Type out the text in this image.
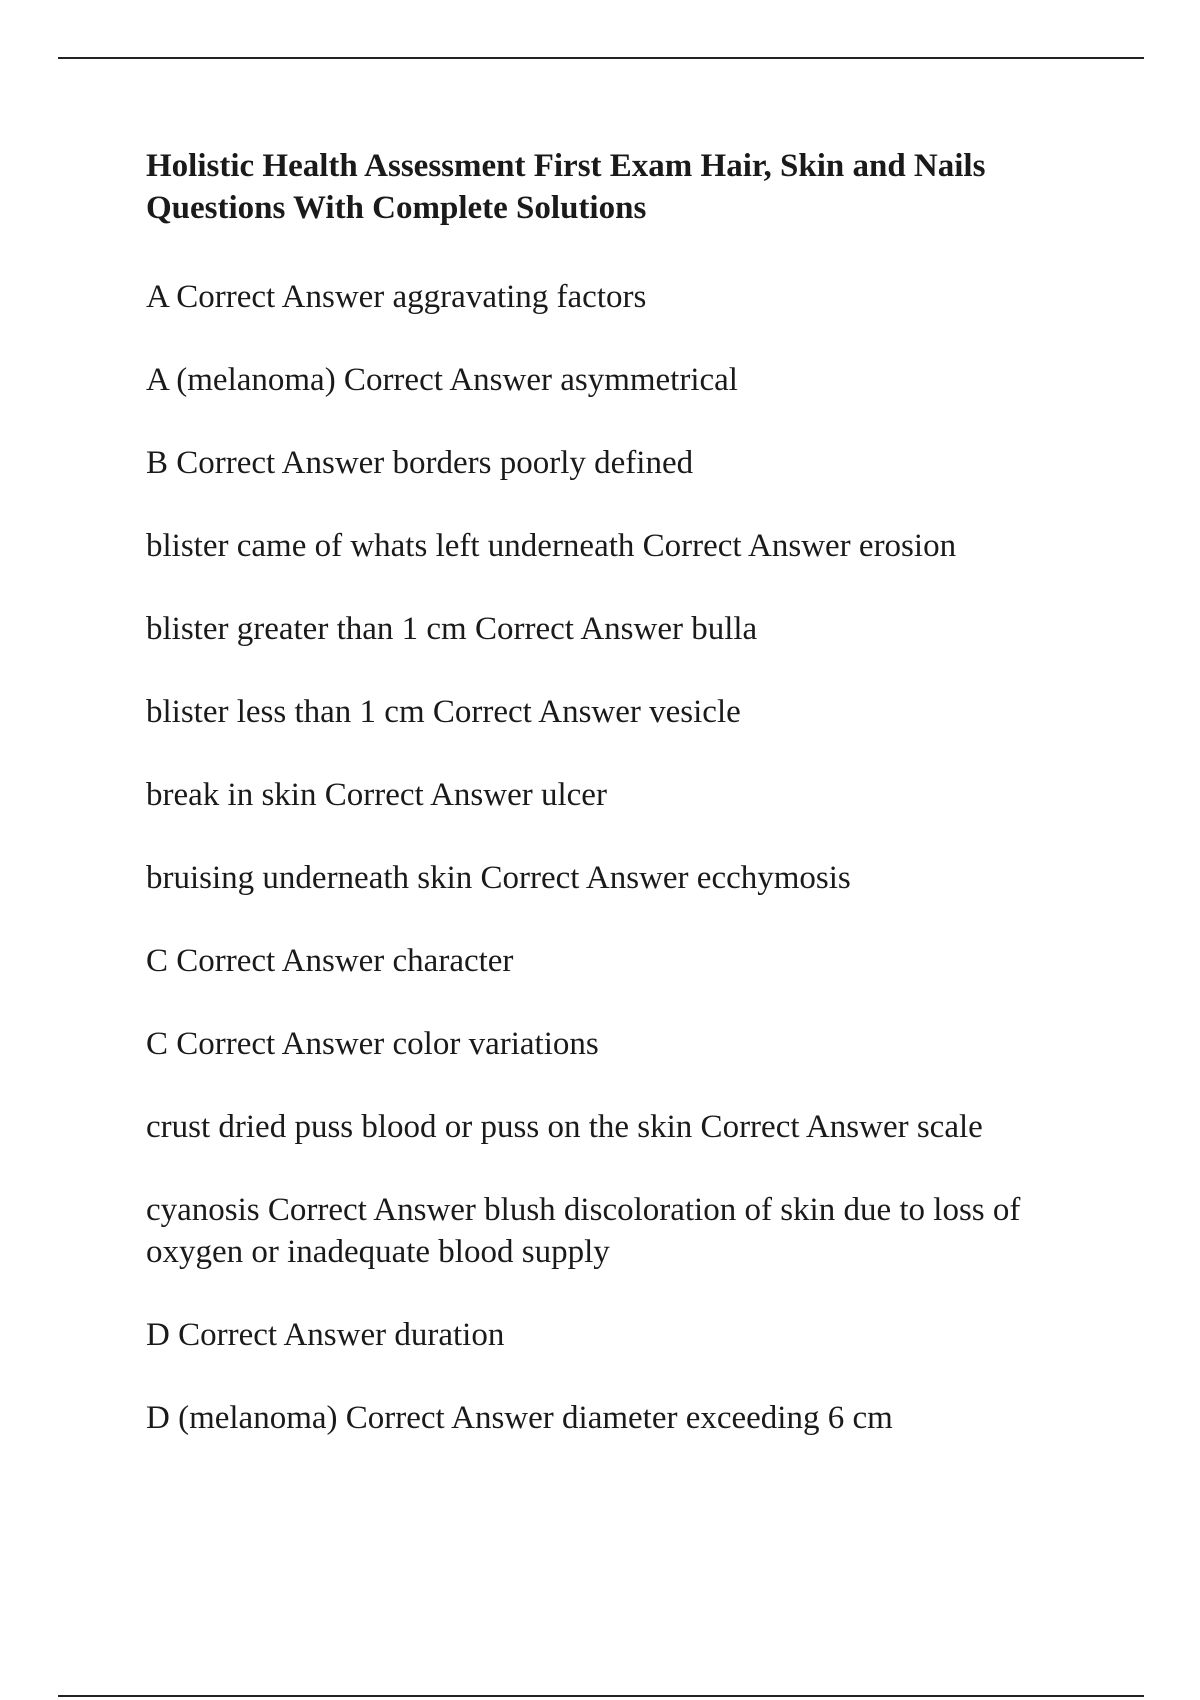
Holistic Health Assessment First Exam Hair, Skin and Nails Questions With Complete Solutions

A Correct Answer aggravating factors

A (melanoma) Correct Answer asymmetrical

B Correct Answer borders poorly defined

blister came of whats left underneath Correct Answer erosion

blister greater than 1 cm Correct Answer bulla

blister less than 1 cm Correct Answer vesicle

break in skin Correct Answer ulcer

bruising underneath skin Correct Answer ecchymosis

C Correct Answer character

C Correct Answer color variations

crust dried puss blood or puss on the skin Correct Answer scale

cyanosis Correct Answer blush discoloration of skin due to loss of oxygen or inadequate blood supply

D Correct Answer duration

D (melanoma) Correct Answer diameter exceeding 6 cm
